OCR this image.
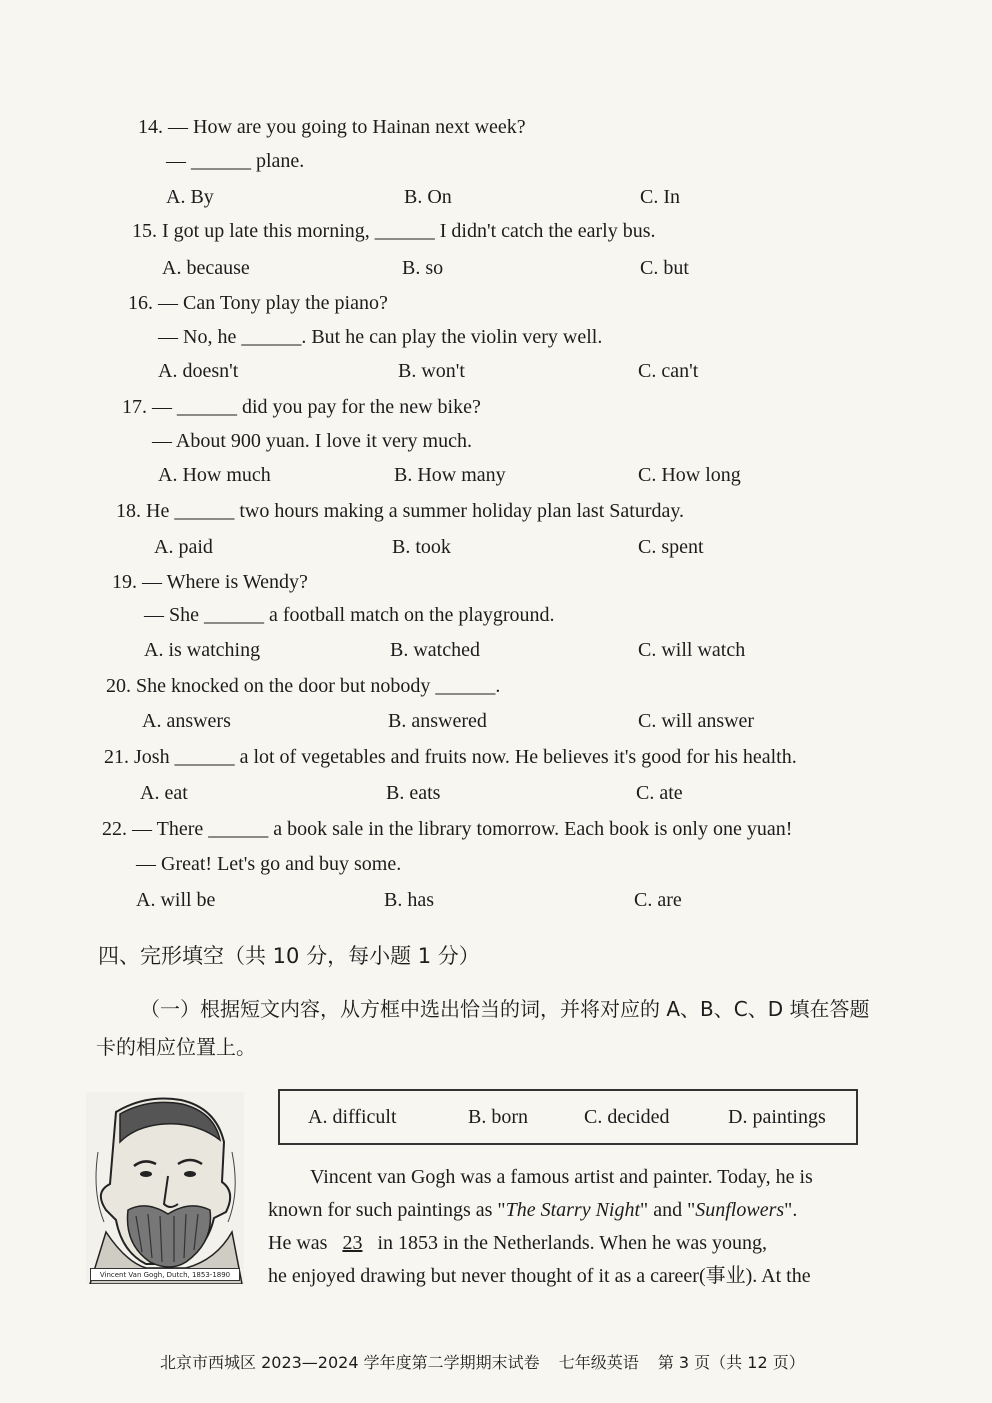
14. — How are you going to Hainan next week?
— ______ plane.
A. By	B. On	C. In
15. I got up late this morning, ______ I didn't catch the early bus.
A. because	B. so	C. but
16. — Can Tony play the piano?
— No, he ______. But he can play the violin very well.
A. doesn't	B. won't	C. can't
17. — ______ did you pay for the new bike?
— About 900 yuan. I love it very much.
A. How much	B. How many	C. How long
18. He ______ two hours making a summer holiday plan last Saturday.
A. paid	B. took	C. spent
19. — Where is Wendy?
— She ______ a football match on the playground.
A. is watching	B. watched	C. will watch
20. She knocked on the door but nobody ______.
A. answers	B. answered	C. will answer
21. Josh ______ a lot of vegetables and fruits now. He believes it's good for his health.
A. eat	B. eats	C. ate
22. — There ______ a book sale in the library tomorrow. Each book is only one yuan!
— Great! Let's go and buy some.
A. will be	B. has	C. are
四、完形填空（共 10 分，每小题 1 分）
（一）根据短文内容，从方框中选出恰当的词，并将对应的 A、B、C、D 填在答题卡的相应位置上。
Vincent Van Gogh, Dutch, 1853-1890
A. difficult	B. born	C. decided	D. paintings
Vincent van Gogh was a famous artist and painter. Today, he is
known for such paintings as "The Starry Night" and "Sunflowers".
He was 23 in 1853 in the Netherlands. When he was young,
he enjoyed drawing but never thought of it as a career(事业). At the
北京市西城区 2023—2024 学年度第二学期期末试卷 七年级英语 第 3 页（共 12 页）
